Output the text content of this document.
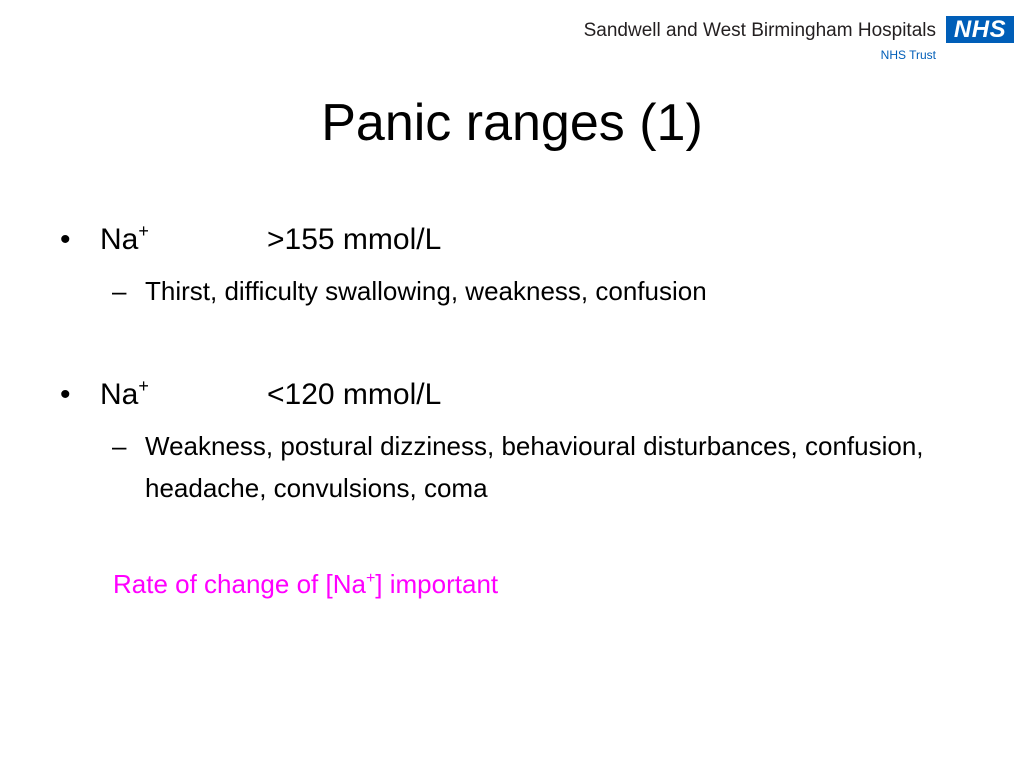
Sandwell and West Birmingham Hospitals
NHS Trust
NHS
Panic ranges (1)
• Na+	>155 mmol/L
– Thirst, difficulty swallowing, weakness, confusion
• Na+	<120 mmol/L
– Weakness, postural dizziness, behavioural disturbances, confusion, headache, convulsions, coma
Rate of change of [Na+] important
